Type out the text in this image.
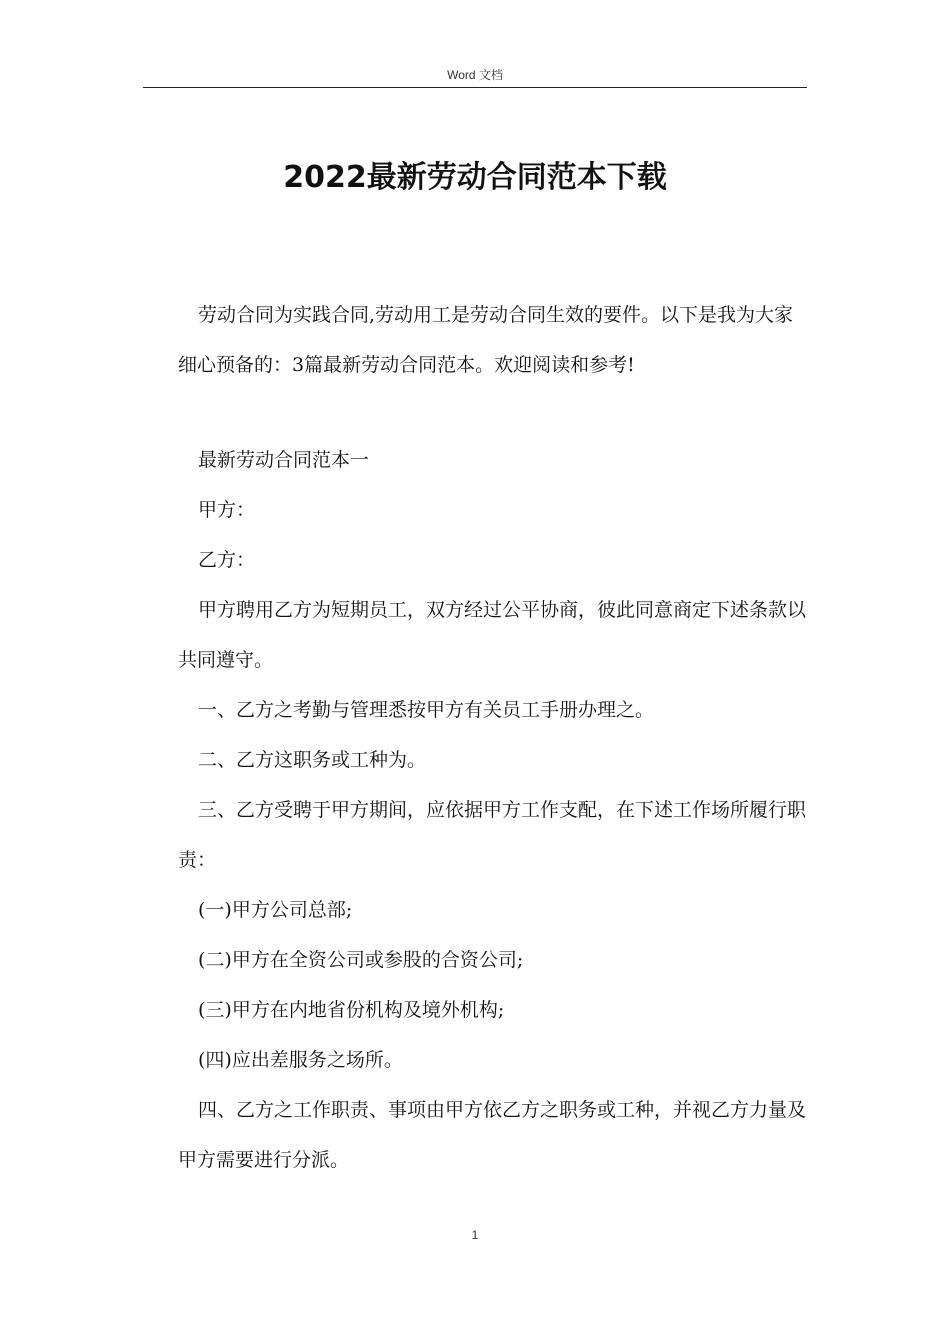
Word 文档
2022最新劳动合同范本下载

劳动合同为实践合同,劳动用工是劳动合同生效的要件。以下是我为大家细心预备的：3篇最新劳动合同范本。欢迎阅读和参考!

最新劳动合同范本一

甲方：

乙方：

甲方聘用乙方为短期员工，双方经过公平协商，彼此同意商定下述条款以共同遵守。

一、乙方之考勤与管理悉按甲方有关员工手册办理之。

二、乙方这职务或工种为。

三、乙方受聘于甲方期间，应依据甲方工作支配，在下述工作场所履行职责：

(一)甲方公司总部;

(二)甲方在全资公司或参股的合资公司;

(三)甲方在内地省份机构及境外机构;

(四)应出差服务之场所。

四、乙方之工作职责、事项由甲方依乙方之职务或工种，并视乙方力量及甲方需要进行分派。

1
